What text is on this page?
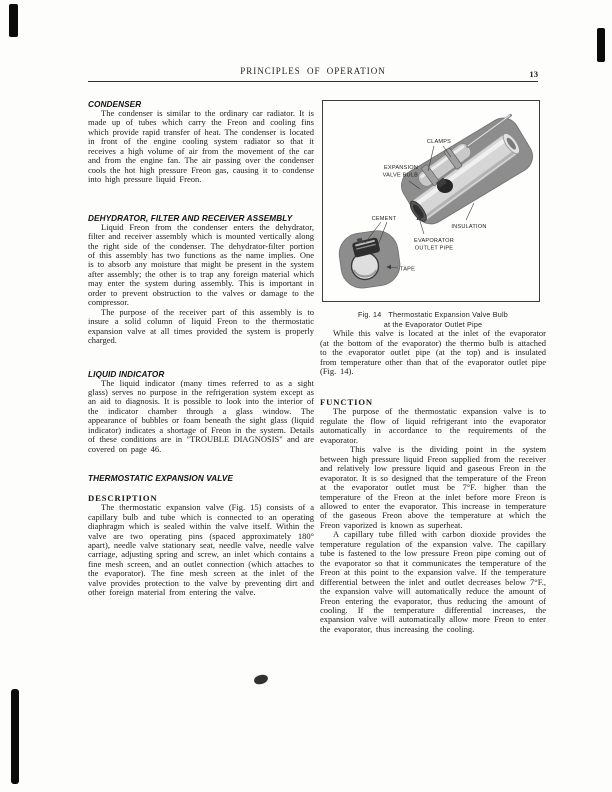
PRINCIPLES OF OPERATION	13
CONDENSER

The condenser is similar to the ordinary car radiator. It is made up of tubes which carry the Freon and cooling fins which provide rapid transfer of heat. The condenser is located in front of the engine cooling system radiator so that it receives a high volume of air from the movement of the car and from the engine fan. The air passing over the condenser cools the hot high pressure Freon gas, causing it to condense into high pressure liquid Freon.

DEHYDRATOR, FILTER AND RECEIVER ASSEMBLY

Liquid Freon from the condenser enters the dehydrator, filter and receiver assembly which is mounted vertically along the right side of the condenser. The dehydrator-filter portion of this assembly has two functions as the name implies. One is to absorb any moisture that might be present in the system after assembly; the other is to trap any foreign material which may enter the system during assembly. This is important in order to prevent obstruction to the valves or damage to the compressor.

The purpose of the receiver part of this assembly is to insure a solid column of liquid Freon to the thermostatic expansion valve at all times provided the system is properly charged.

LIQUID INDICATOR

The liquid indicator (many times referred to as a sight glass) serves no purpose in the refrigeration system except as an aid to diagnosis. It is possible to look into the interior of the indicator chamber through a glass window. The appearance of bubbles or foam beneath the sight glass (liquid indicator) indicates a shortage of Freon in the system. Details of these conditions are in "TROUBLE DIAGNOSIS" and are covered on page 46.

THERMOSTATIC EXPANSION VALVE
DESCRIPTION

The thermostatic expansion valve (Fig. 15) consists of a capillary bulb and tube which is connected to an operating diaphragm which is sealed within the valve itself. Within the valve are two operating pins (spaced approximately 180° apart), needle valve stationary seat, needle valve, needle valve carriage, adjusting spring and screw, an inlet which contains a fine mesh screen, and an outlet connection (which attaches to the evaporator). The fine mesh screen at the inlet of the valve provides protection to the valve by preventing dirt and other foreign material from entering the valve.

CLAMPS
EXPANSION
VALVE BULB
CEMENT
TAPE
EVAPORATOR
OUTLET PIPE
INSULATION
Fig. 14 Thermostatic Expansion Valve Bulb
at the Evaporator Outlet Pipe

While this valve is located at the inlet of the evaporator (at the bottom of the evaporator) the thermo bulb is attached to the evaporator outlet pipe (at the top) and is insulated from temperature other than that of the evaporator outlet pipe (Fig. 14).

FUNCTION

The purpose of the thermostatic expansion valve is to regulate the flow of liquid refrigerant into the evaporator automatically in accordance to the requirements of the evaporator.

This valve is the dividing point in the system between high pressure liquid Freon supplied from the receiver and relatively low pressure liquid and gaseous Freon in the evaporator. It is so designed that the temperature of the Freon at the evaporator outlet must be 7°F. higher than the temperature of the Freon at the inlet before more Freon is allowed to enter the evaporator. This increase in temperature of the gaseous Freon above the temperature at which the Freon vaporized is known as superheat.

A capillary tube filled with carbon dioxide provides the temperature regulation of the expansion valve. The capillary tube is fastened to the low pressure Freon pipe coming out of the evaporator so that it communicates the temperature of the Freon at this point to the expansion valve. If the temperature differential between the inlet and outlet decreases below 7°F., the expansion valve will automatically reduce the amount of Freon entering the evaporator, thus reducing the amount of cooling. If the temperature differential increases, the expansion valve will automatically allow more Freon to enter the evaporator, thus increasing the cooling.
